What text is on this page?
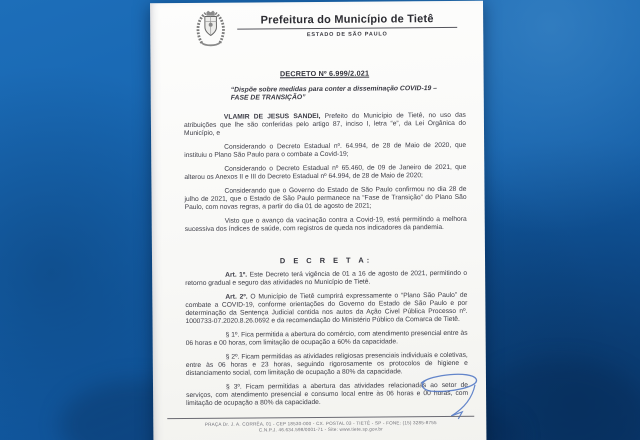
Prefeitura do Município de Tietê
ESTADO DE SÃO PAULO
DECRETO Nº 6.999/2.021
“Dispõe sobre medidas para conter a disseminação COVID-19 – FASE DE TRANSIÇÃO”

VLAMIR DE JESUS SANDEI, Prefeito do Município de Tietê, no uso das atribuições que lhe são conferidas pelo artigo 87, inciso I, letra “e”, da Lei Orgânica do Município, e

Considerando o Decreto Estadual nº. 64.994, de 28 de Maio de 2020, que instituiu o Plano São Paulo para o combate a Covid-19;

Considerando o Decreto Estadual nº 65.460, de 09 de Janeiro de 2021, que alterou os Anexos II e III do Decreto Estadual nº 64.994, de 28 de Maio de 2020;

Considerando que o Governo do Estado de São Paulo confirmou no dia 28 de julho de 2021, que o Estado de São Paulo permanece na “Fase de Transição” do Plano São Paulo, com novas regras, a partir do dia 01 de agosto de 2021;

Visto que o avanço da vacinação contra a Covid-19, está permitindo a melhora sucessiva dos índices de saúde, com registros de queda nos indicadores da pandemia.

D E C R E T A:

Art. 1º. Este Decreto terá vigência de 01 a 16 de agosto de 2021, permitindo o retorno gradual e seguro das atividades no Município de Tietê.

Art. 2º. O Município de Tietê cumprirá expressamente o “Plano São Paulo” de combate a COVID-19, conforme orientações do Governo do Estado de São Paulo e por determinação da Sentença Judicial contida nos autos da Ação Civel Pública Processo nº. 1000733-07.2020.8.26.0692 e da recomendação do Ministério Público da Comarca de Tietê.

§ 1º. Fica permitida a abertura do comércio, com atendimento presencial entre às 06 horas e 00 horas, com limitação de ocupação a 60% da capacidade.

§ 2º. Ficam permitidas as atividades religiosas presenciais individuais e coletivas, entre às 06 horas e 23 horas, seguindo rigorosamente os protocolos de higiene e distanciamento social, com limitação de ocupação a 80% da capacidade.

§ 3º. Ficam permitidas a abertura das atividades relacionadas ao setor de serviços, com atendimento presencial e consumo local entre às 06 horas e 00 horas, com limitação de ocupação a 80% da capacidade.

PRAÇA Dr. J. A. CORRÊA, 01 - CEP 18530-000 - CX. POSTAL 03 - TIETÊ - SP - FONE: (15) 3285-8755
C.N.P.J. 46.634.598/0001-71 - Site: www.tiete.sp.gov.br
